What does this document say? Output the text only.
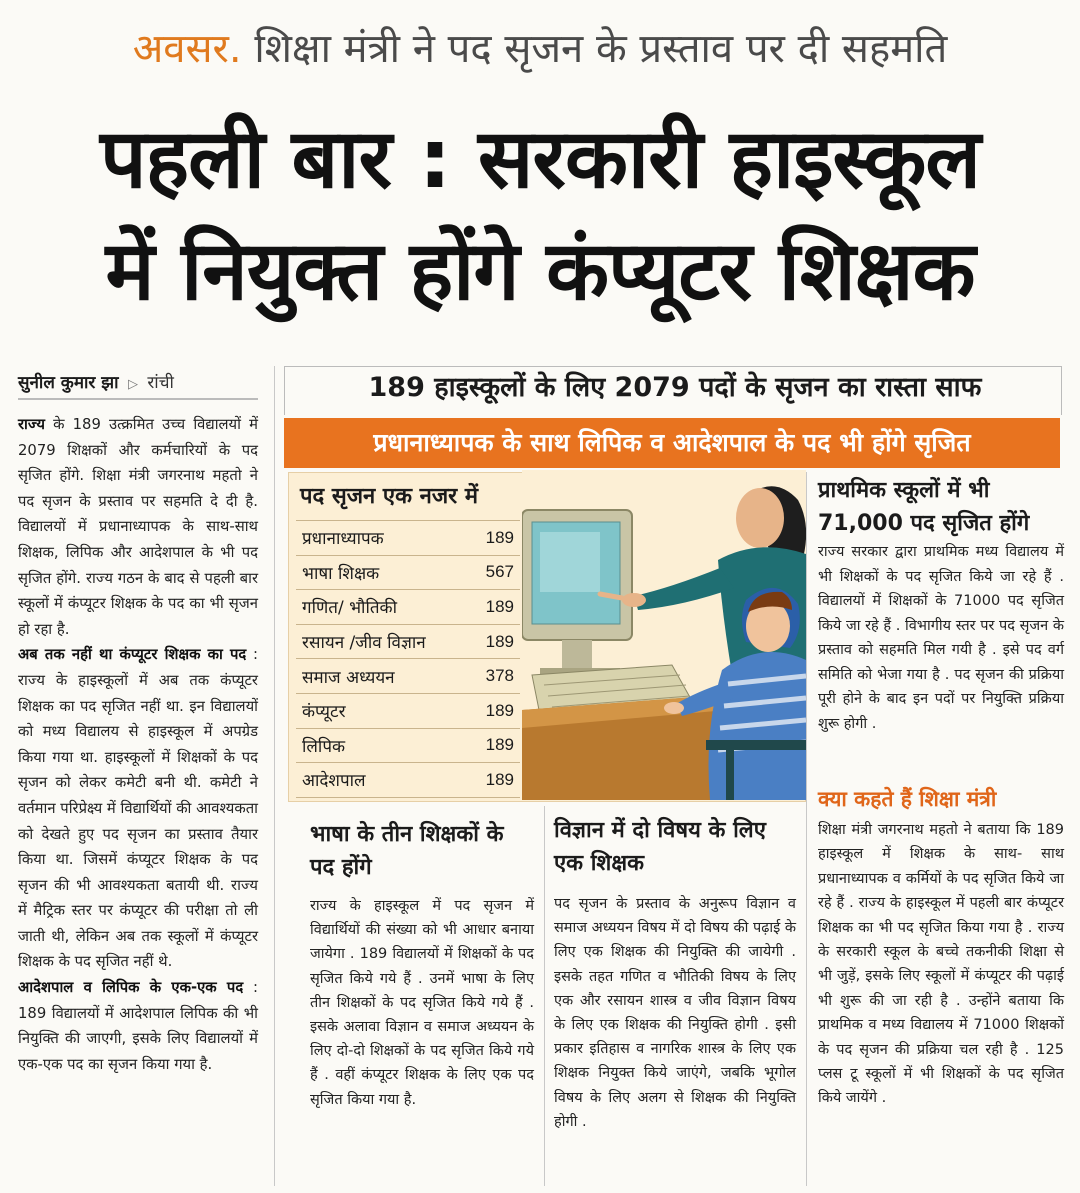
अवसर. शिक्षा मंत्री ने पद सृजन के प्रस्ताव पर दी सहमति
पहली बार : सरकारी हाइस्कूल
में नियुक्त होंगे कंप्यूटर शिक्षक
सुनील कुमार झा ▷ रांची
राज्य के 189 उत्क्रमित उच्च विद्यालयों में 2079 शिक्षकों और कर्मचारियों के पद सृजित होंगे. शिक्षा मंत्री जगरनाथ महतो ने पद सृजन के प्रस्ताव पर सहमति दे दी है. विद्यालयों में प्रधानाध्यापक के साथ-साथ शिक्षक, लिपिक और आदेशपाल के भी पद सृजित होंगे. राज्य गठन के बाद से पहली बार स्कूलों में कंप्यूटर शिक्षक के पद का भी सृजन हो रहा है.
अब तक नहीं था कंप्यूटर शिक्षक का पद : राज्य के हाइस्कूलों में अब तक कंप्यूटर शिक्षक का पद सृजित नहीं था. इन विद्यालयों को मध्य विद्यालय से हाइस्कूल में अपग्रेड किया गया था. हाइस्कूलों में शिक्षकों के पद सृजन को लेकर कमेटी बनी थी. कमेटी ने वर्तमान परिप्रेक्ष्य में विद्यार्थियों की आवश्यकता को देखते हुए पद सृजन का प्रस्ताव तैयार किया था. जिसमें कंप्यूटर शिक्षक के पद सृजन की भी आवश्यकता बतायी थी. राज्य में मैट्रिक स्तर पर कंप्यूटर की परीक्षा तो ली जाती थी, लेकिन अब तक स्कूलों में कंप्यूटर शिक्षक के पद सृजित नहीं थे.
आदेशपाल व लिपिक के एक-एक पद : 189 विद्यालयों में आदेशपाल लिपिक की भी नियुक्ति की जाएगी, इसके लिए विद्यालयों में एक-एक पद का सृजन किया गया है.
189 हाइस्कूलों के लिए 2079 पदों के सृजन का रास्ता साफ
प्रधानाध्यापक के साथ लिपिक व आदेशपाल के पद भी होंगे सृजित
पद सृजन एक नजर में
प्रधानाध्यापक	189
भाषा शिक्षक	567
गणित/ भौतिकी	189
रसायन /जीव विज्ञान	189
समाज अध्ययन	378
कंप्यूटर	189
लिपिक	189
आदेशपाल	189
प्राथमिक स्कूलों में भी 71,000 पद सृजित होंगे
राज्य सरकार द्वारा प्राथमिक मध्य विद्यालय में भी शिक्षकों के पद सृजित किये जा रहे हैं . विद्यालयों में शिक्षकों के 71000 पद सृजित किये जा रहे हैं . विभागीय स्तर पर पद सृजन के प्रस्ताव को सहमति मिल गयी है . इसे पद वर्ग समिति को भेजा गया है . पद सृजन की प्रक्रिया पूरी होने के बाद इन पदों पर नियुक्ति प्रक्रिया शुरू होगी .
क्या कहते हैं शिक्षा मंत्री
शिक्षा मंत्री जगरनाथ महतो ने बताया कि 189 हाइस्कूल में शिक्षक के साथ- साथ प्रधानाध्यापक व कर्मियों के पद सृजित किये जा रहे हैं . राज्य के हाइस्कूल में पहली बार कंप्यूटर शिक्षक का भी पद सृजित किया गया है . राज्य के सरकारी स्कूल के बच्चे तकनीकी शिक्षा से भी जुड़ें, इसके लिए स्कूलों में कंप्यूटर की पढ़ाई भी शुरू की जा रही है . उन्होंने बताया कि प्राथमिक व मध्य विद्यालय में 71000 शिक्षकों के पद सृजन की प्रक्रिया चल रही है . 125 प्लस टू स्कूलों में भी शिक्षकों के पद सृजित किये जायेंगे .
भाषा के तीन शिक्षकों के पद होंगे
राज्य के हाइस्कूल में पद सृजन में विद्यार्थियों की संख्या को भी आधार बनाया जायेगा . 189 विद्यालयों में शिक्षकों के पद सृजित किये गये हैं . उनमें भाषा के लिए तीन शिक्षकों के पद सृजित किये गये हैं . इसके अलावा विज्ञान व समाज अध्ययन के लिए दो-दो शिक्षकों के पद सृजित किये गये हैं . वहीं कंप्यूटर शिक्षक के लिए एक पद सृजित किया गया है.
विज्ञान में दो विषय के लिए एक शिक्षक
पद सृजन के प्रस्ताव के अनुरूप विज्ञान व समाज अध्ययन विषय में दो विषय की पढ़ाई के लिए एक शिक्षक की नियुक्ति की जायेगी . इसके तहत गणित व भौतिकी विषय के लिए एक और रसायन शास्त्र व जीव विज्ञान विषय के लिए एक शिक्षक की नियुक्ति होगी . इसी प्रकार इतिहास व नागरिक शास्त्र के लिए एक शिक्षक नियुक्त किये जाएंगे, जबकि भूगोल विषय के लिए अलग से शिक्षक की नियुक्ति होगी .
